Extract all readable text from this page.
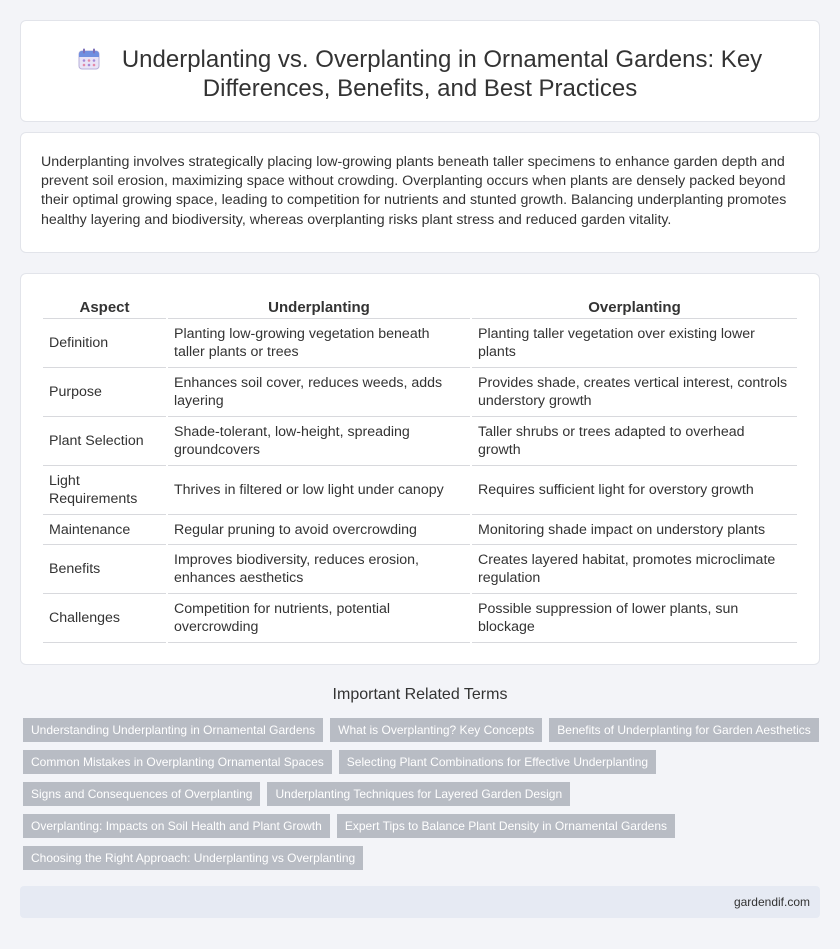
Underplanting vs. Overplanting in Ornamental Gardens: Key Differences, Benefits, and Best Practices

Underplanting involves strategically placing low-growing plants beneath taller specimens to enhance garden depth and prevent soil erosion, maximizing space without crowding. Overplanting occurs when plants are densely packed beyond their optimal growing space, leading to competition for nutrients and stunted growth. Balancing underplanting promotes healthy layering and biodiversity, whereas overplanting risks plant stress and reduced garden vitality.

Aspect	Underplanting	Overplanting
Definition	Planting low-growing vegetation beneath taller plants or trees	Planting taller vegetation over existing lower plants
Purpose	Enhances soil cover, reduces weeds, adds layering	Provides shade, creates vertical interest, controls understory growth
Plant Selection	Shade-tolerant, low-height, spreading groundcovers	Taller shrubs or trees adapted to overhead growth
Light Requirements	Thrives in filtered or low light under canopy	Requires sufficient light for overstory growth
Maintenance	Regular pruning to avoid overcrowding	Monitoring shade impact on understory plants
Benefits	Improves biodiversity, reduces erosion, enhances aesthetics	Creates layered habitat, promotes microclimate regulation
Challenges	Competition for nutrients, potential overcrowding	Possible suppression of lower plants, sun blockage
Important Related Terms
Understanding Underplanting in Ornamental Gardens	What is Overplanting? Key Concepts	Benefits of Underplanting for Garden Aesthetics
Common Mistakes in Overplanting Ornamental Spaces	Selecting Plant Combinations for Effective Underplanting
Signs and Consequences of Overplanting	Underplanting Techniques for Layered Garden Design
Overplanting: Impacts on Soil Health and Plant Growth	Expert Tips to Balance Plant Density in Ornamental Gardens
Choosing the Right Approach: Underplanting vs Overplanting
gardendif.com
